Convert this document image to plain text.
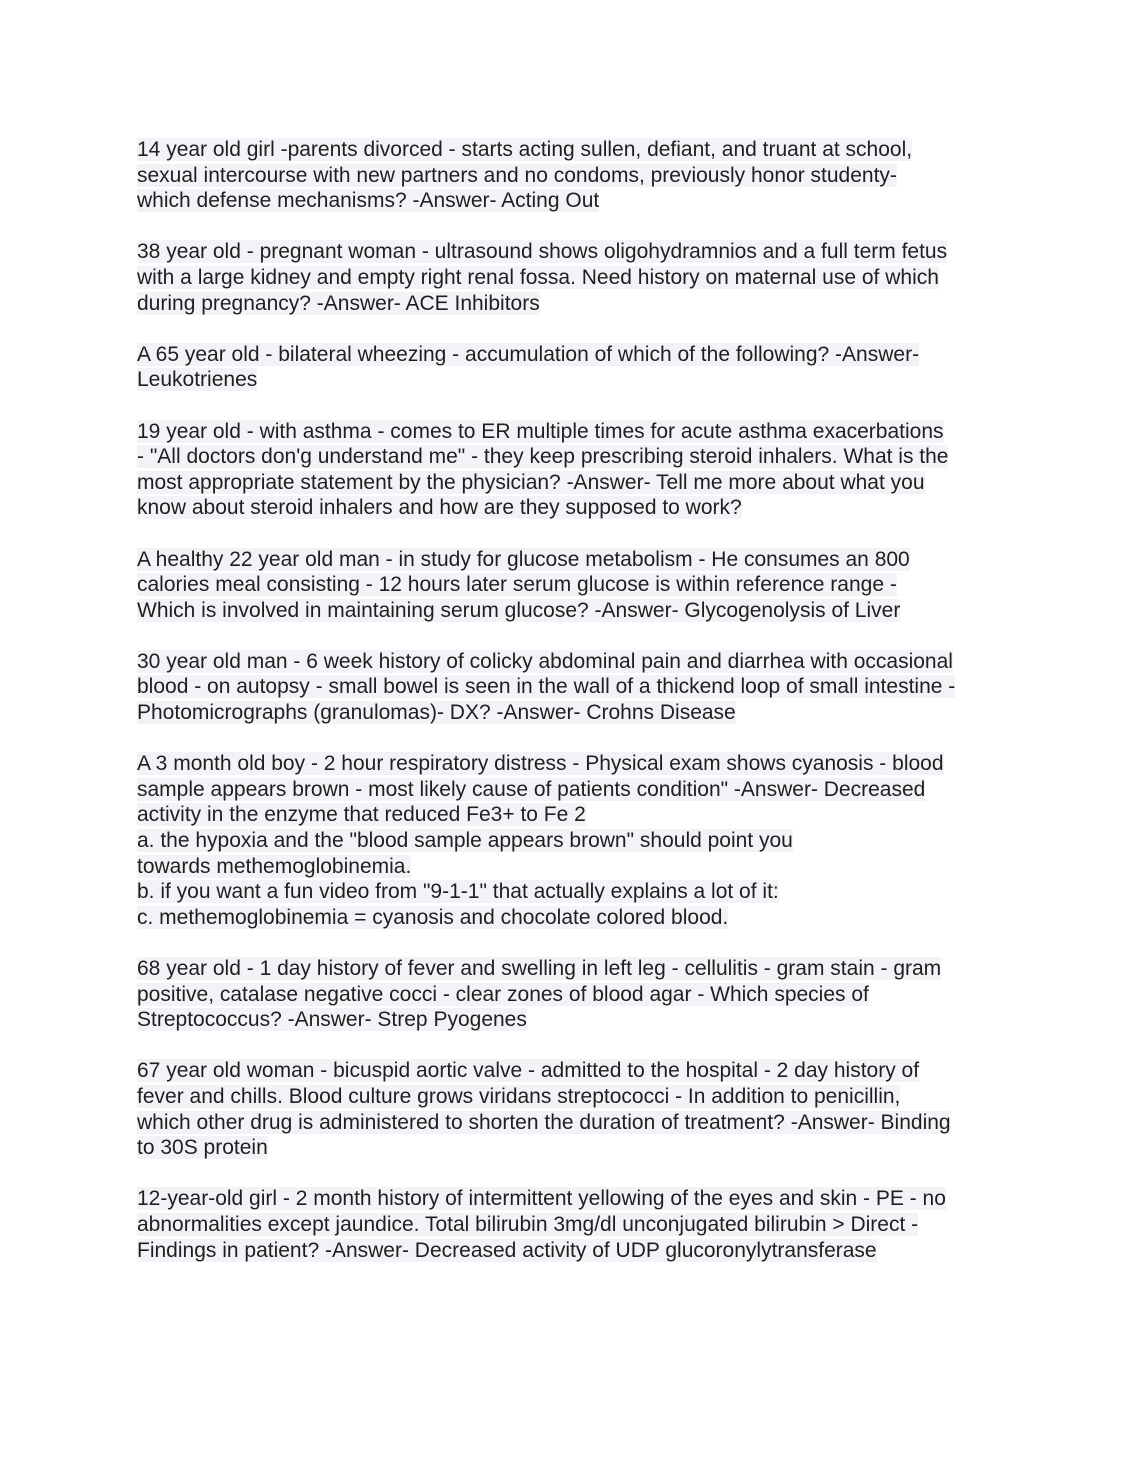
14 year old girl -parents divorced - starts acting sullen, defiant, and truant at school,
sexual intercourse with new partners and no condoms, previously honor studenty-
which defense mechanisms? -Answer- Acting Out
38 year old - pregnant woman - ultrasound shows oligohydramnios and a full term fetus
with a large kidney and empty right renal fossa. Need history on maternal use of which
during pregnancy? -Answer- ACE Inhibitors
A 65 year old - bilateral wheezing - accumulation of which of the following? -Answer-
Leukotrienes
19 year old - with asthma - comes to ER multiple times for acute asthma exacerbations
- "All doctors don'g understand me" - they keep prescribing steroid inhalers. What is the
most appropriate statement by the physician? -Answer- Tell me more about what you
know about steroid inhalers and how are they supposed to work?
A healthy 22 year old man - in study for glucose metabolism - He consumes an 800
calories meal consisting - 12 hours later serum glucose is within reference range -
Which is involved in maintaining serum glucose? -Answer- Glycogenolysis of Liver
30 year old man - 6 week history of colicky abdominal pain and diarrhea with occasional
blood - on autopsy - small bowel is seen in the wall of a thickend loop of small intestine -
Photomicrographs (granulomas)- DX? -Answer- Crohns Disease
A 3 month old boy - 2 hour respiratory distress - Physical exam shows cyanosis - blood
sample appears brown - most likely cause of patients condition" -Answer- Decreased
activity in the enzyme that reduced Fe3+ to Fe 2
a. the hypoxia and the "blood sample appears brown" should point you
towards methemoglobinemia.
b. if you want a fun video from "9-1-1" that actually explains a lot of it:
c. methemoglobinemia = cyanosis and chocolate colored blood.
68 year old - 1 day history of fever and swelling in left leg - cellulitis - gram stain - gram
positive, catalase negative cocci - clear zones of blood agar - Which species of
Streptococcus? -Answer- Strep Pyogenes
67 year old woman - bicuspid aortic valve - admitted to the hospital - 2 day history of
fever and chills. Blood culture grows viridans streptococci - In addition to penicillin,
which other drug is administered to shorten the duration of treatment? -Answer- Binding
to 30S protein
12-year-old girl - 2 month history of intermittent yellowing of the eyes and skin - PE - no
abnormalities except jaundice. Total bilirubin 3mg/dl unconjugated bilirubin > Direct -
Findings in patient? -Answer- Decreased activity of UDP glucoronylytransferase
